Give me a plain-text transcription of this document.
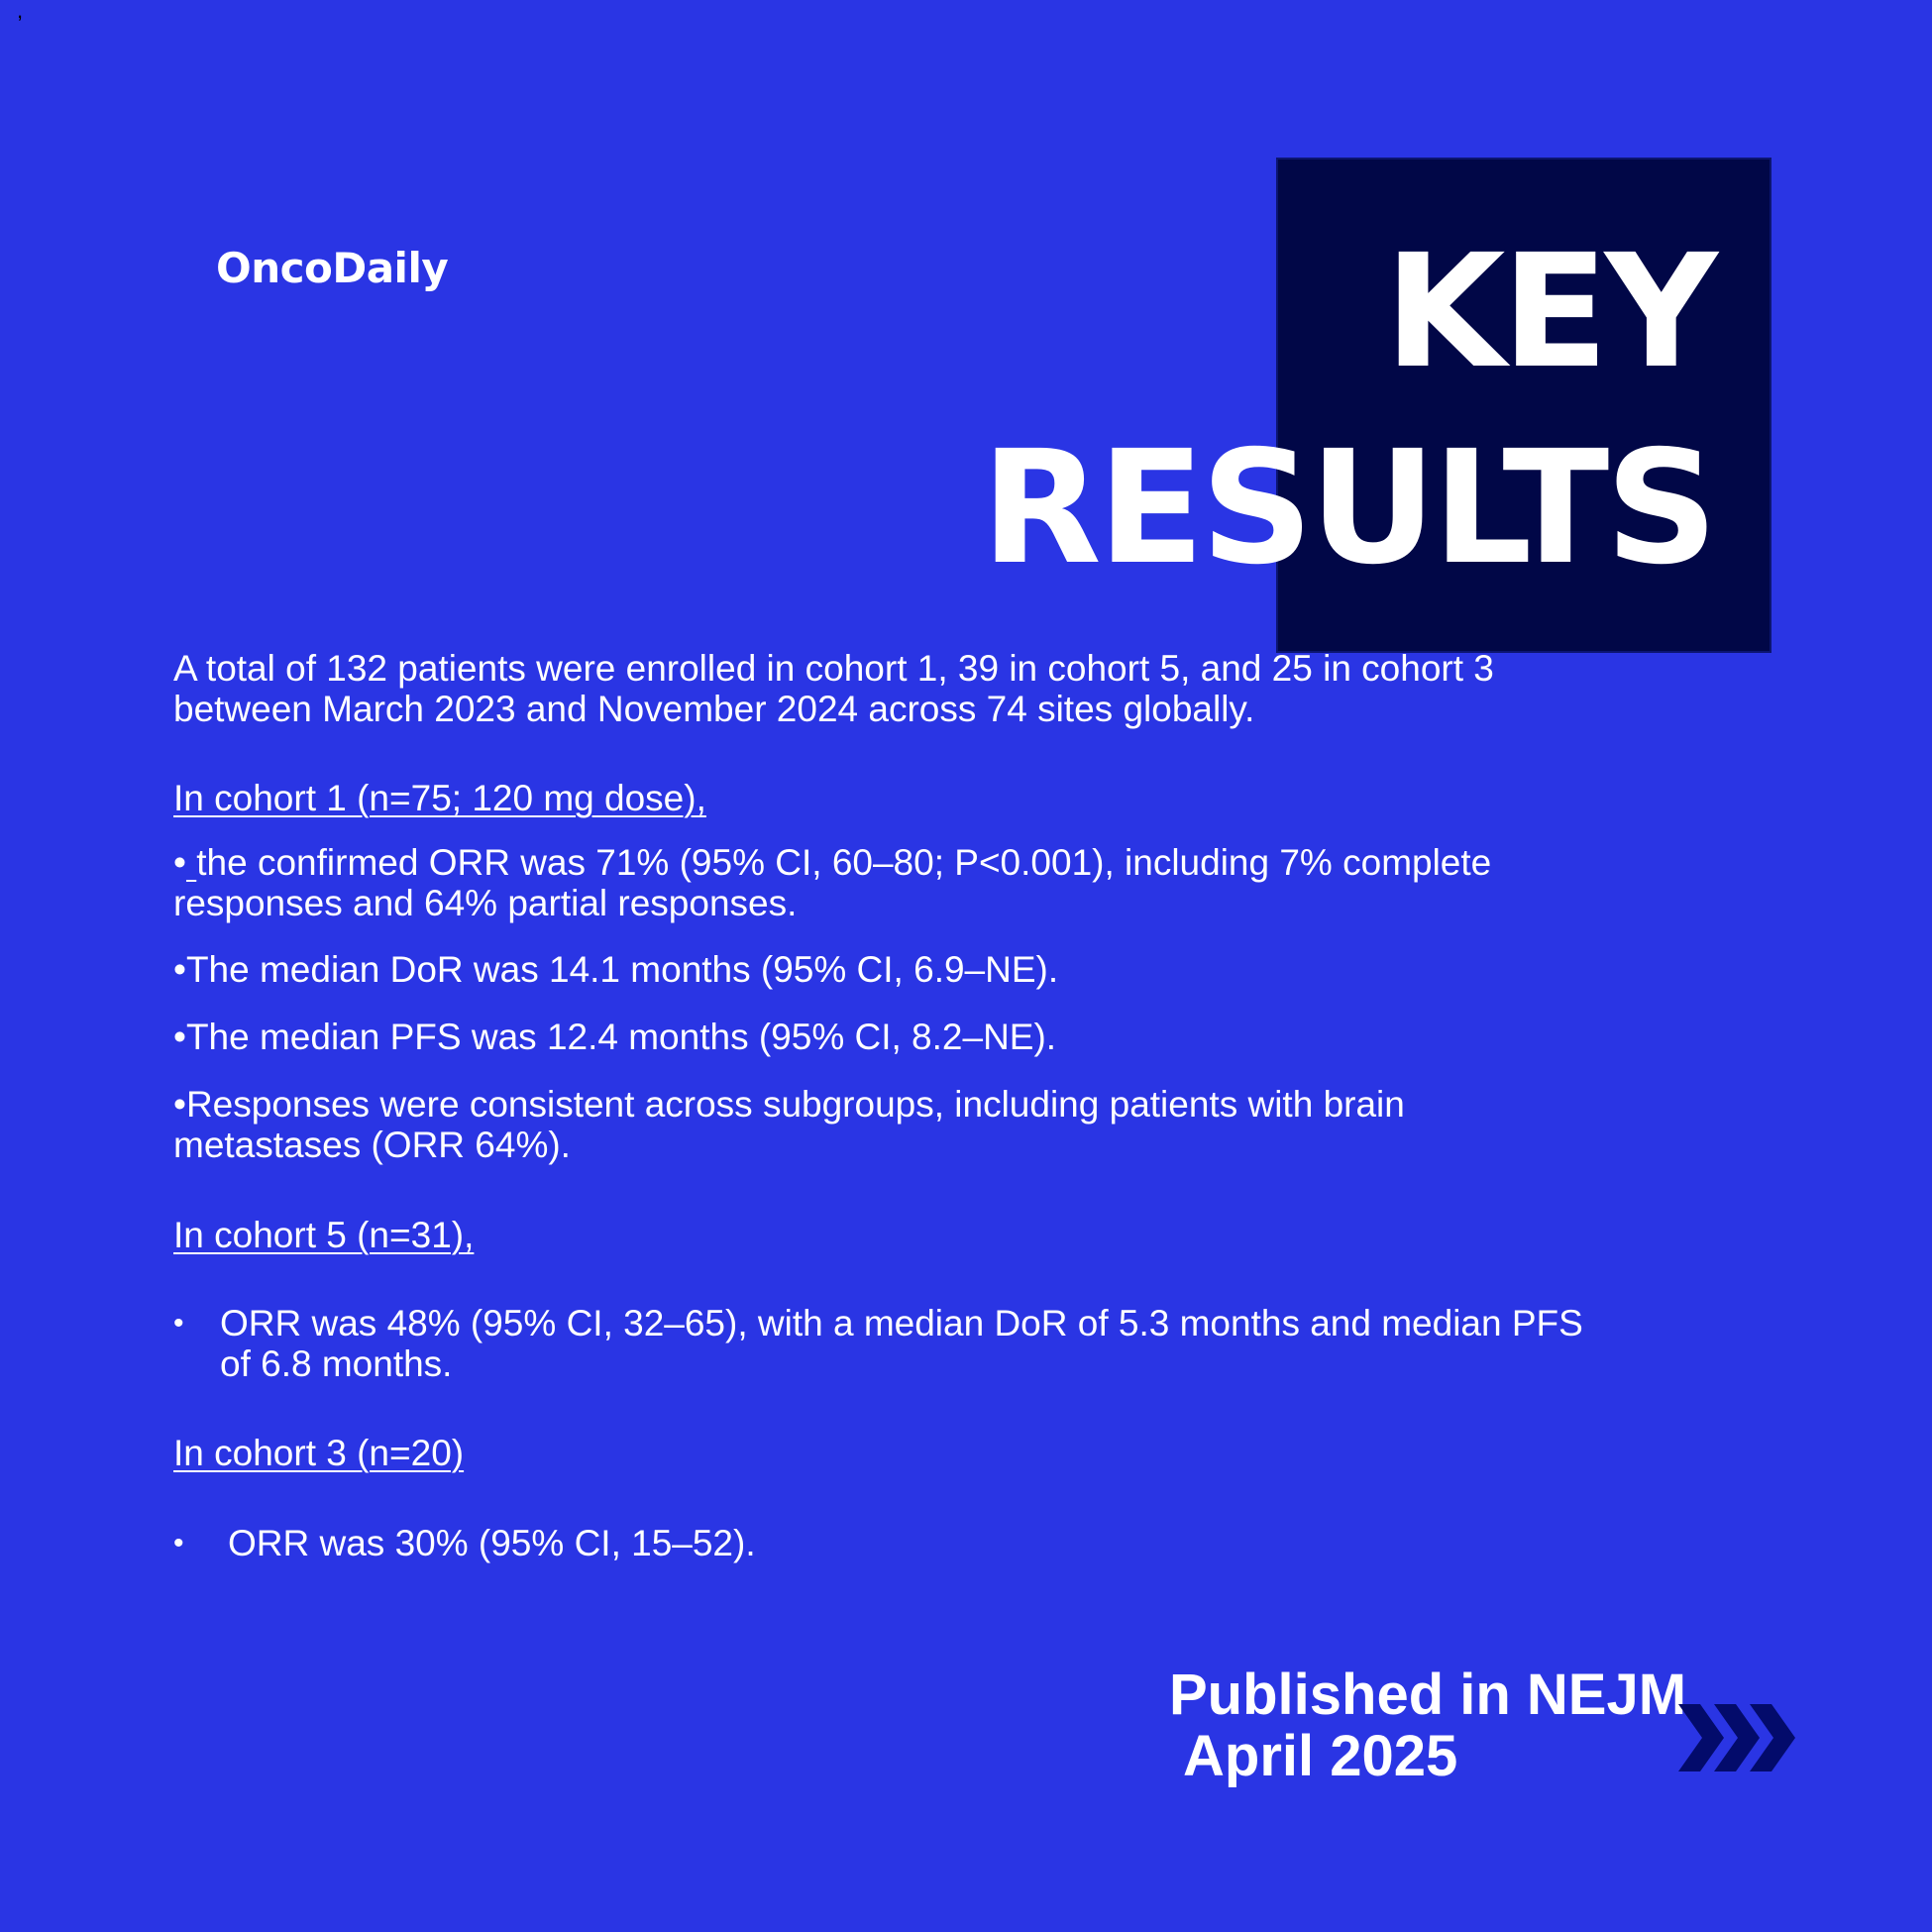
,
OncoDaily	KEY
RESULTS
A total of 132 patients were enrolled in cohort 1, 39 in cohort 5, and 25 in cohort 3
between March 2023 and November 2024 across 74 sites globally.
In cohort 1 (n=75; 120 mg dose),
• the confirmed ORR was 71% (95% CI, 60–80; P<0.001), including 7% complete
responses and 64% partial responses.
•The median DoR was 14.1 months (95% CI, 6.9–NE).
•The median PFS was 12.4 months (95% CI, 8.2–NE).
•Responses were consistent across subgroups, including patients with brain
metastases (ORR 64%).
In cohort 5 (n=31),
• ORR was 48% (95% CI, 32–65), with a median DoR of 5.3 months and median PFS
of 6.8 months.
In cohort 3 (n=20)
• ORR was 30% (95% CI, 15–52).
Published in NEJM
April 2025
